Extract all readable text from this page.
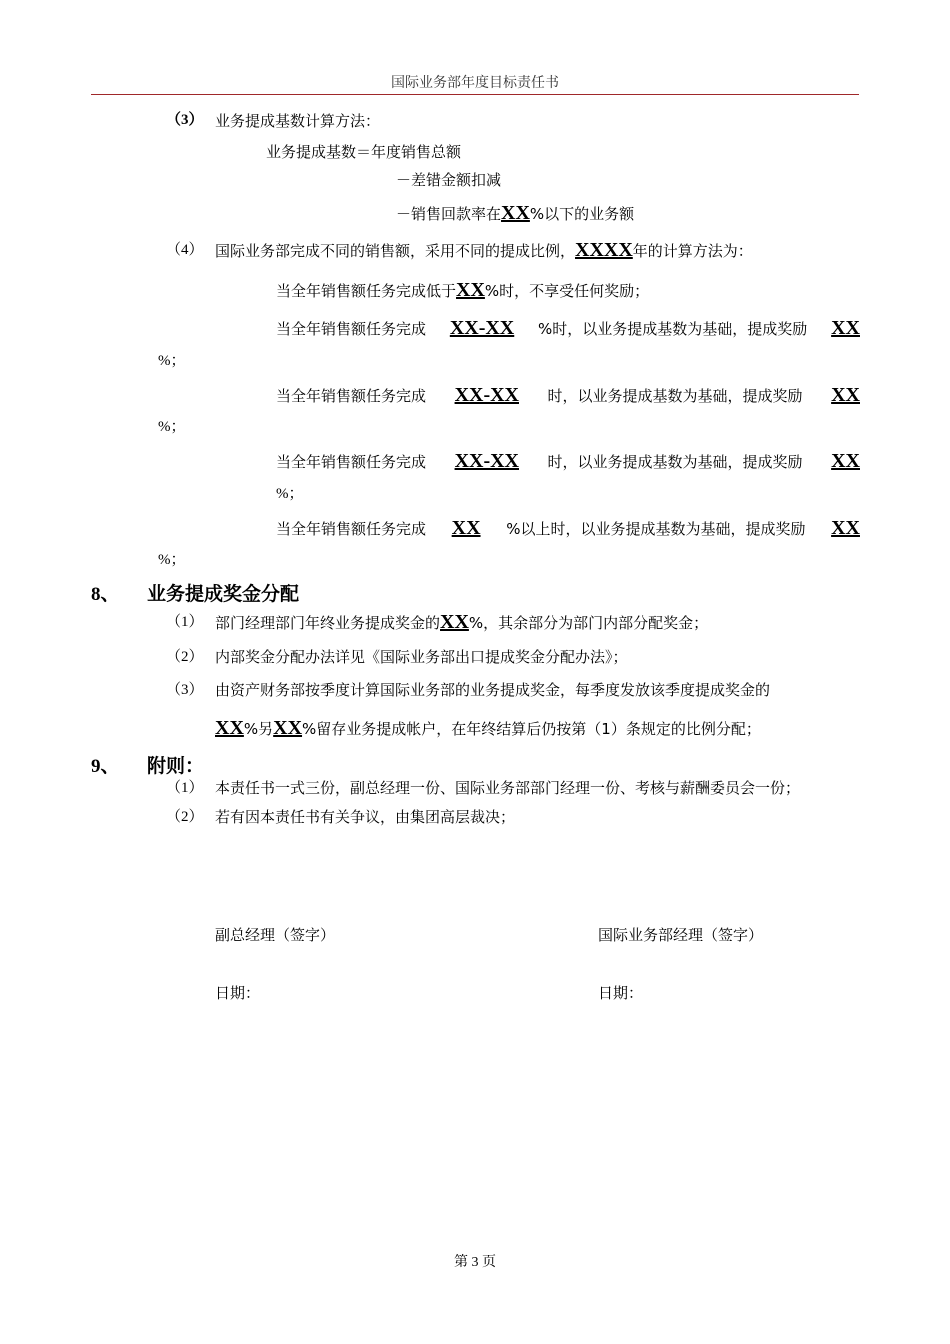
国际业务部年度目标责任书
（3） 业务提成基数计算方法：
业务提成基数＝年度销售总额
－差错金额扣减
－销售回款率在XX%以下的业务额
（4） 国际业务部完成不同的销售额，采用不同的提成比例，XXXX年的计算方法为：
当全年销售额任务完成低于XX%时，不享受任何奖励；
当全年销售额任务完成 XX-XX %时，以业务提成基数为基础，提成奖励 XX
%；
当全年销售额任务完成 XX-XX 时，以业务提成基数为基础，提成奖励 XX
%；
当全年销售额任务完成 XX-XX 时，以业务提成基数为基础，提成奖励 XX
%；
当全年销售额任务完成 XX %以上时，以业务提成基数为基础，提成奖励 XX
%；
8、 业务提成奖金分配
（1） 部门经理部门年终业务提成奖金的XX%，其余部分为部门内部分配奖金；
（2） 内部奖金分配办法详见《国际业务部出口提成奖金分配办法》；
（3） 由资产财务部按季度计算国际业务部的业务提成奖金，每季度发放该季度提成奖金的
XX%另XX%留存业务提成帐户，在年终结算后仍按第（1）条规定的比例分配；
9、 附则：
（1） 本责任书一式三份，副总经理一份、国际业务部部门经理一份、考核与薪酬委员会一份；
（2） 若有因本责任书有关争议，由集团高层裁决；
副总经理（签字）	国际业务部经理（签字）
日期：	日期：
第 3 页
